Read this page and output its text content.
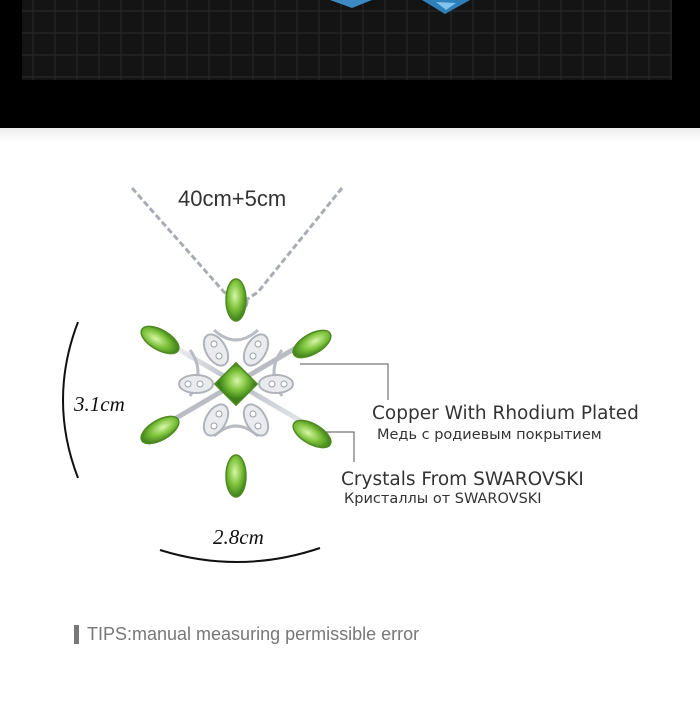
40cm+5cm
3.1cm
2.8cm
Copper With Rhodium Plated
Медь с родиевым покрытием
Crystals From SWAROVSKI
Кристаллы от SWAROVSKI
TIPS:manual measuring permissible error
